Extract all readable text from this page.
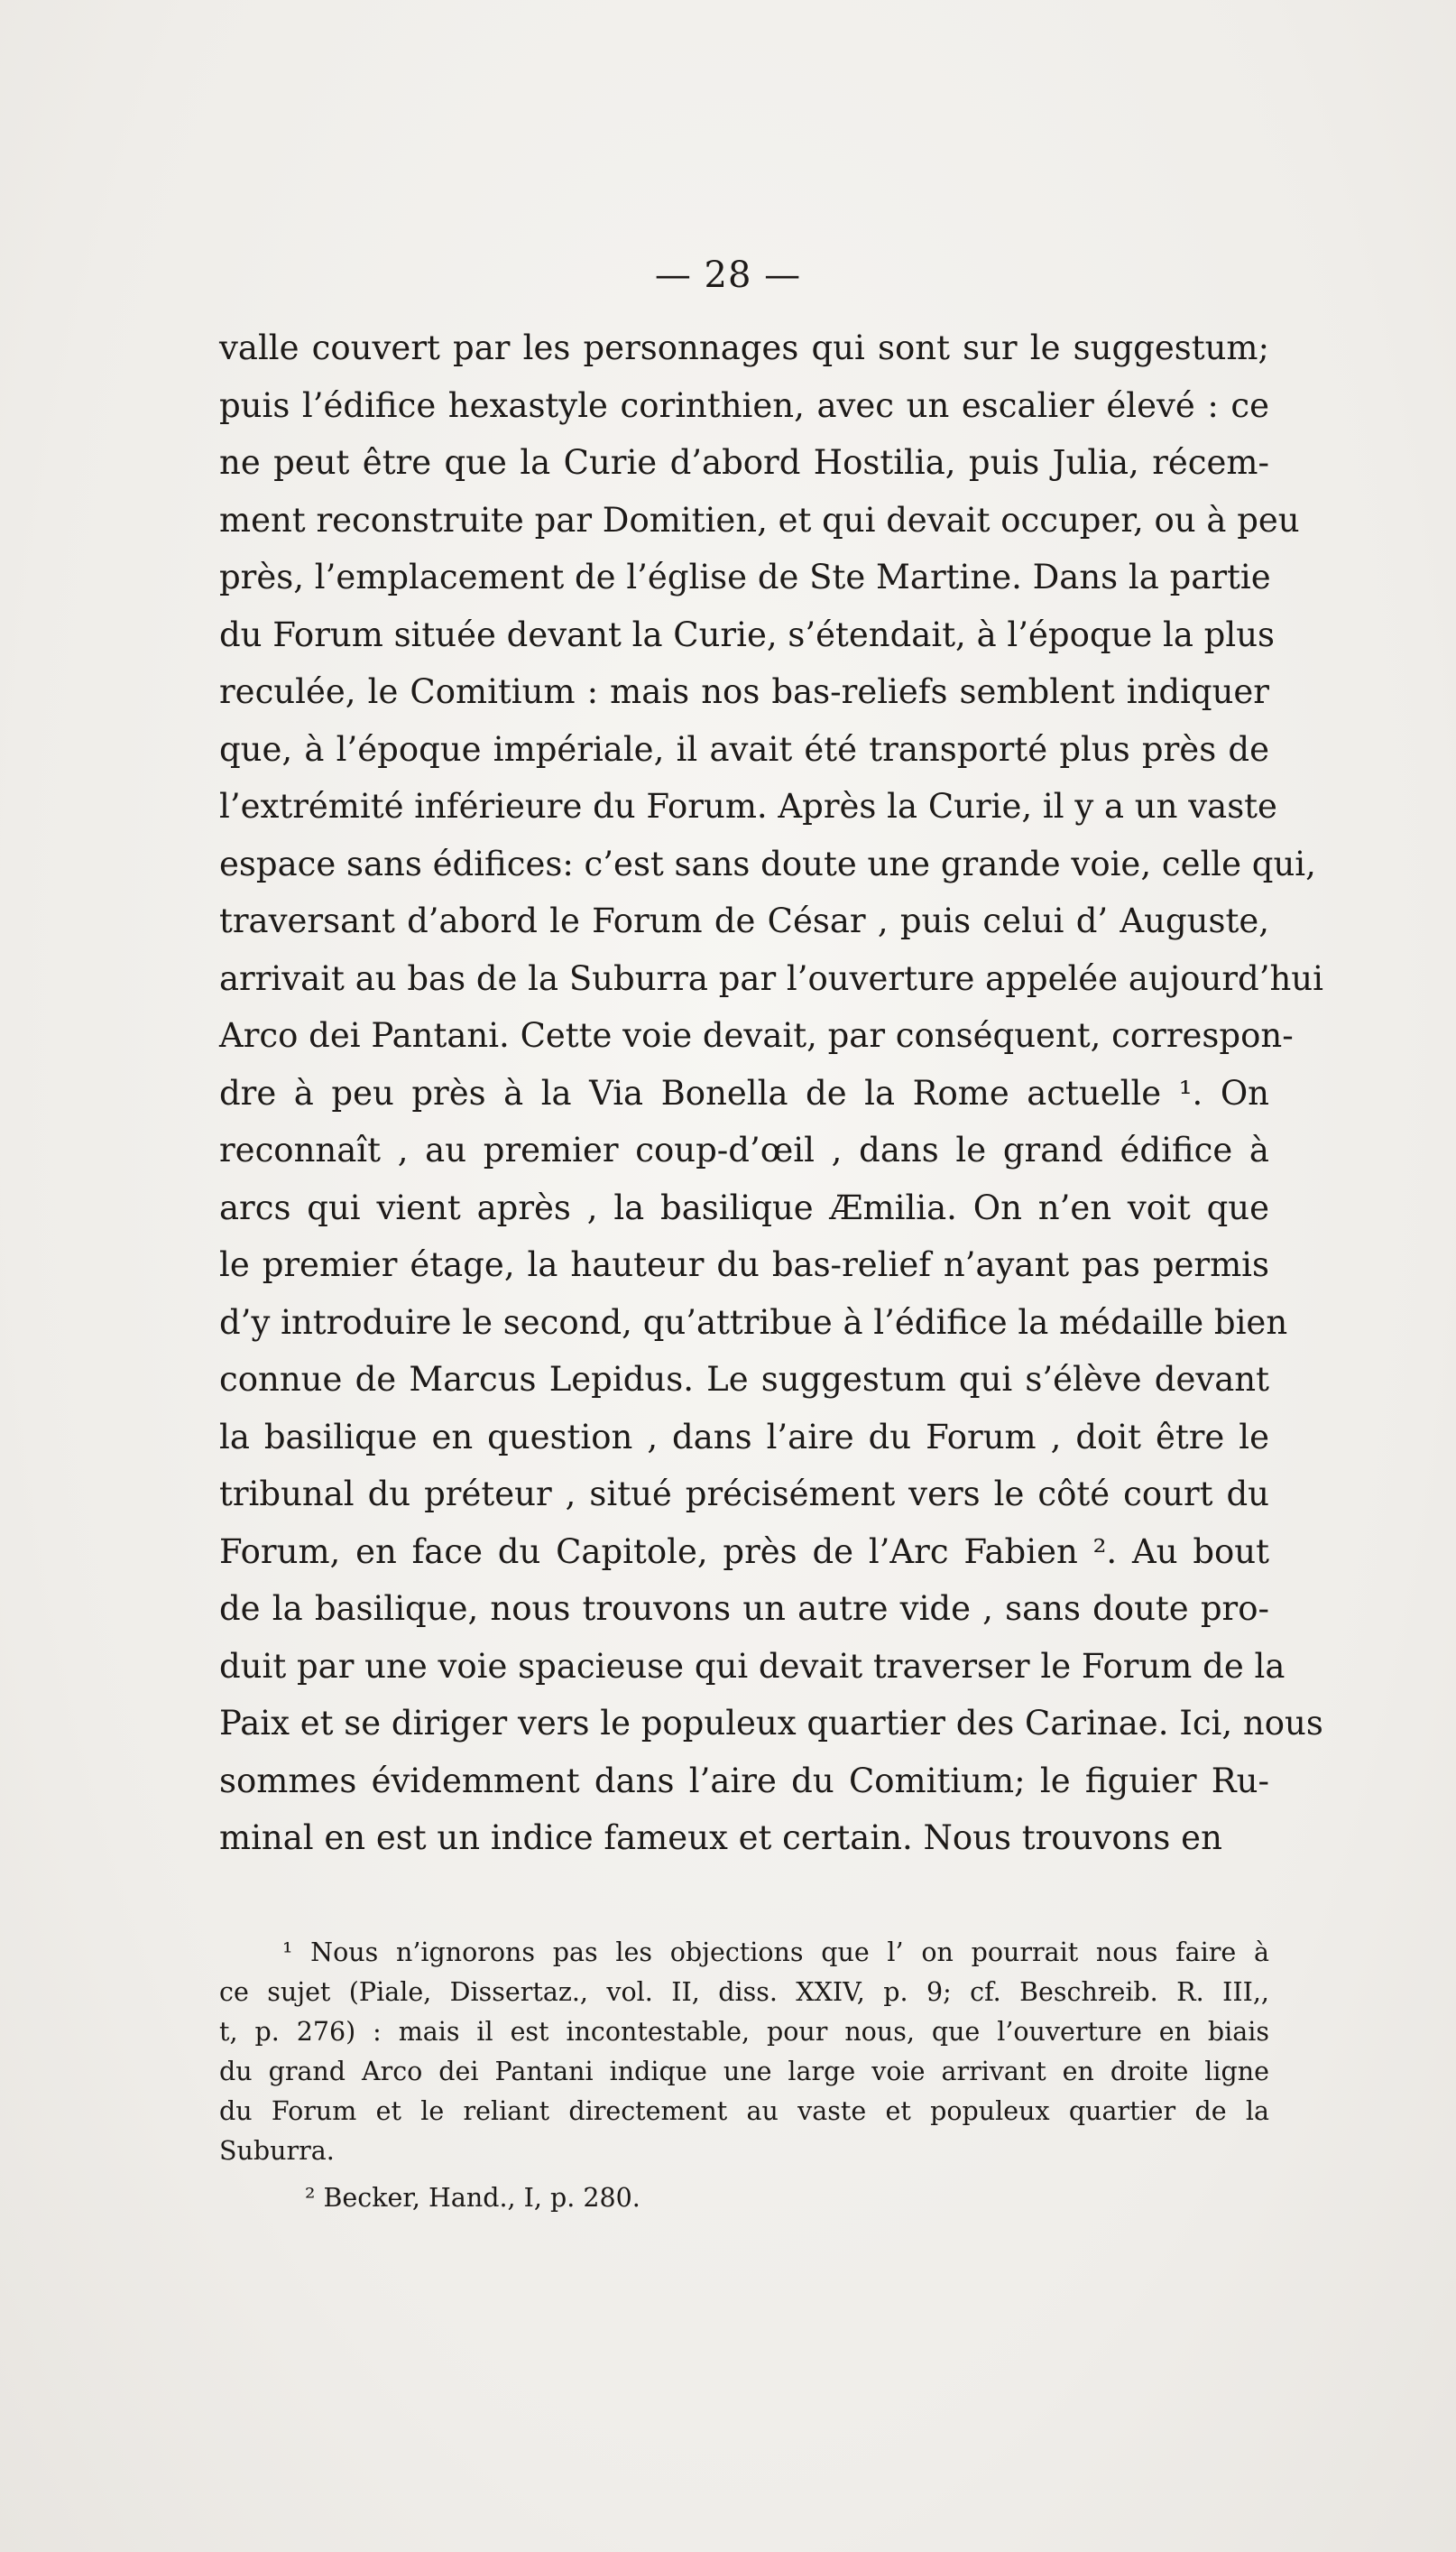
— 28 —
valle couvert par les personnages qui sont sur le suggestum;
puis l’édifice hexastyle corinthien, avec un escalier élevé : ce
ne peut être que la Curie d’abord Hostilia, puis Julia, récem-
ment reconstruite par Domitien, et qui devait occuper, ou à peu
près, l’emplacement de l’église de Ste Martine. Dans la partie
du Forum située devant la Curie, s’étendait, à l’époque la plus
reculée, le Comitium : mais nos bas-reliefs semblent indiquer
que, à l’époque impériale, il avait été transporté plus près de
l’extrémité inférieure du Forum. Après la Curie, il y a un vaste
espace sans édifices: c’est sans doute une grande voie, celle qui,
traversant d’abord le Forum de César , puis celui d’ Auguste,
arrivait au bas de la Suburra par l’ouverture appelée aujourd’hui
Arco dei Pantani. Cette voie devait, par conséquent, correspon-
dre à peu près à la Via Bonella de la Rome actuelle ¹. On
reconnaît , au premier coup-d’œil , dans le grand édifice à
arcs qui vient après , la basilique Æmilia. On n’en voit que
le premier étage, la hauteur du bas-relief n’ayant pas permis
d’y introduire le second, qu’attribue à l’édifice la médaille bien
connue de Marcus Lepidus. Le suggestum qui s’élève devant
la basilique en question , dans l’aire du Forum , doit être le
tribunal du préteur , situé précisément vers le côté court du
Forum, en face du Capitole, près de l’Arc Fabien ². Au bout
de la basilique, nous trouvons un autre vide , sans doute pro-
duit par une voie spacieuse qui devait traverser le Forum de la
Paix et se diriger vers le populeux quartier des Carinae. Ici, nous
sommes évidemment dans l’aire du Comitium; le figuier Ru-
minal en est un indice fameux et certain. Nous trouvons en
¹ Nous n’ignorons pas les objections que l’ on pourrait nous faire à
ce sujet (Piale, Dissertaz., vol. II, diss. XXIV, p. 9; cf. Beschreib. R. III,,
t, p. 276) : mais il est incontestable, pour nous, que l’ouverture en biais
du grand Arco dei Pantani indique une large voie arrivant en droite ligne
du Forum et le reliant directement au vaste et populeux quartier de la
Suburra.
² Becker, Hand., I, p. 280.
